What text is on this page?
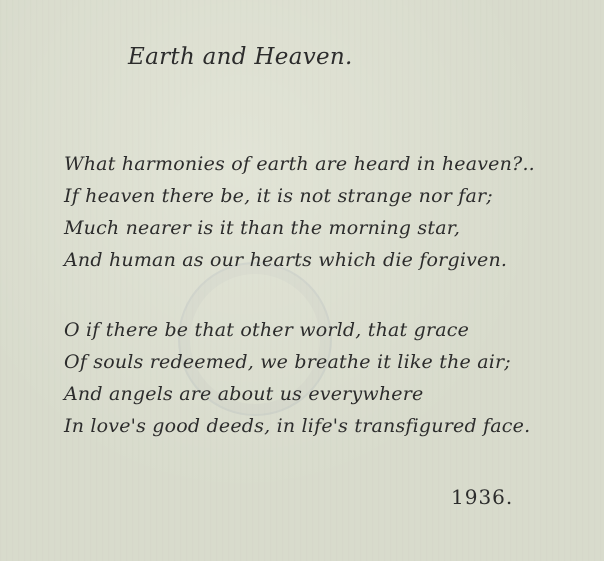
Earth and Heaven.
What harmonies of earth are heard in heaven?..
If heaven there be, it is not strange nor far;
Much nearer is it than the morning star,
And human as our hearts which die forgiven.
O if there be that other world, that grace
Of souls redeemed, we breathe it like the air;
And angels are about us everywhere
In love's good deeds, in life's transfigured face.
1936.
